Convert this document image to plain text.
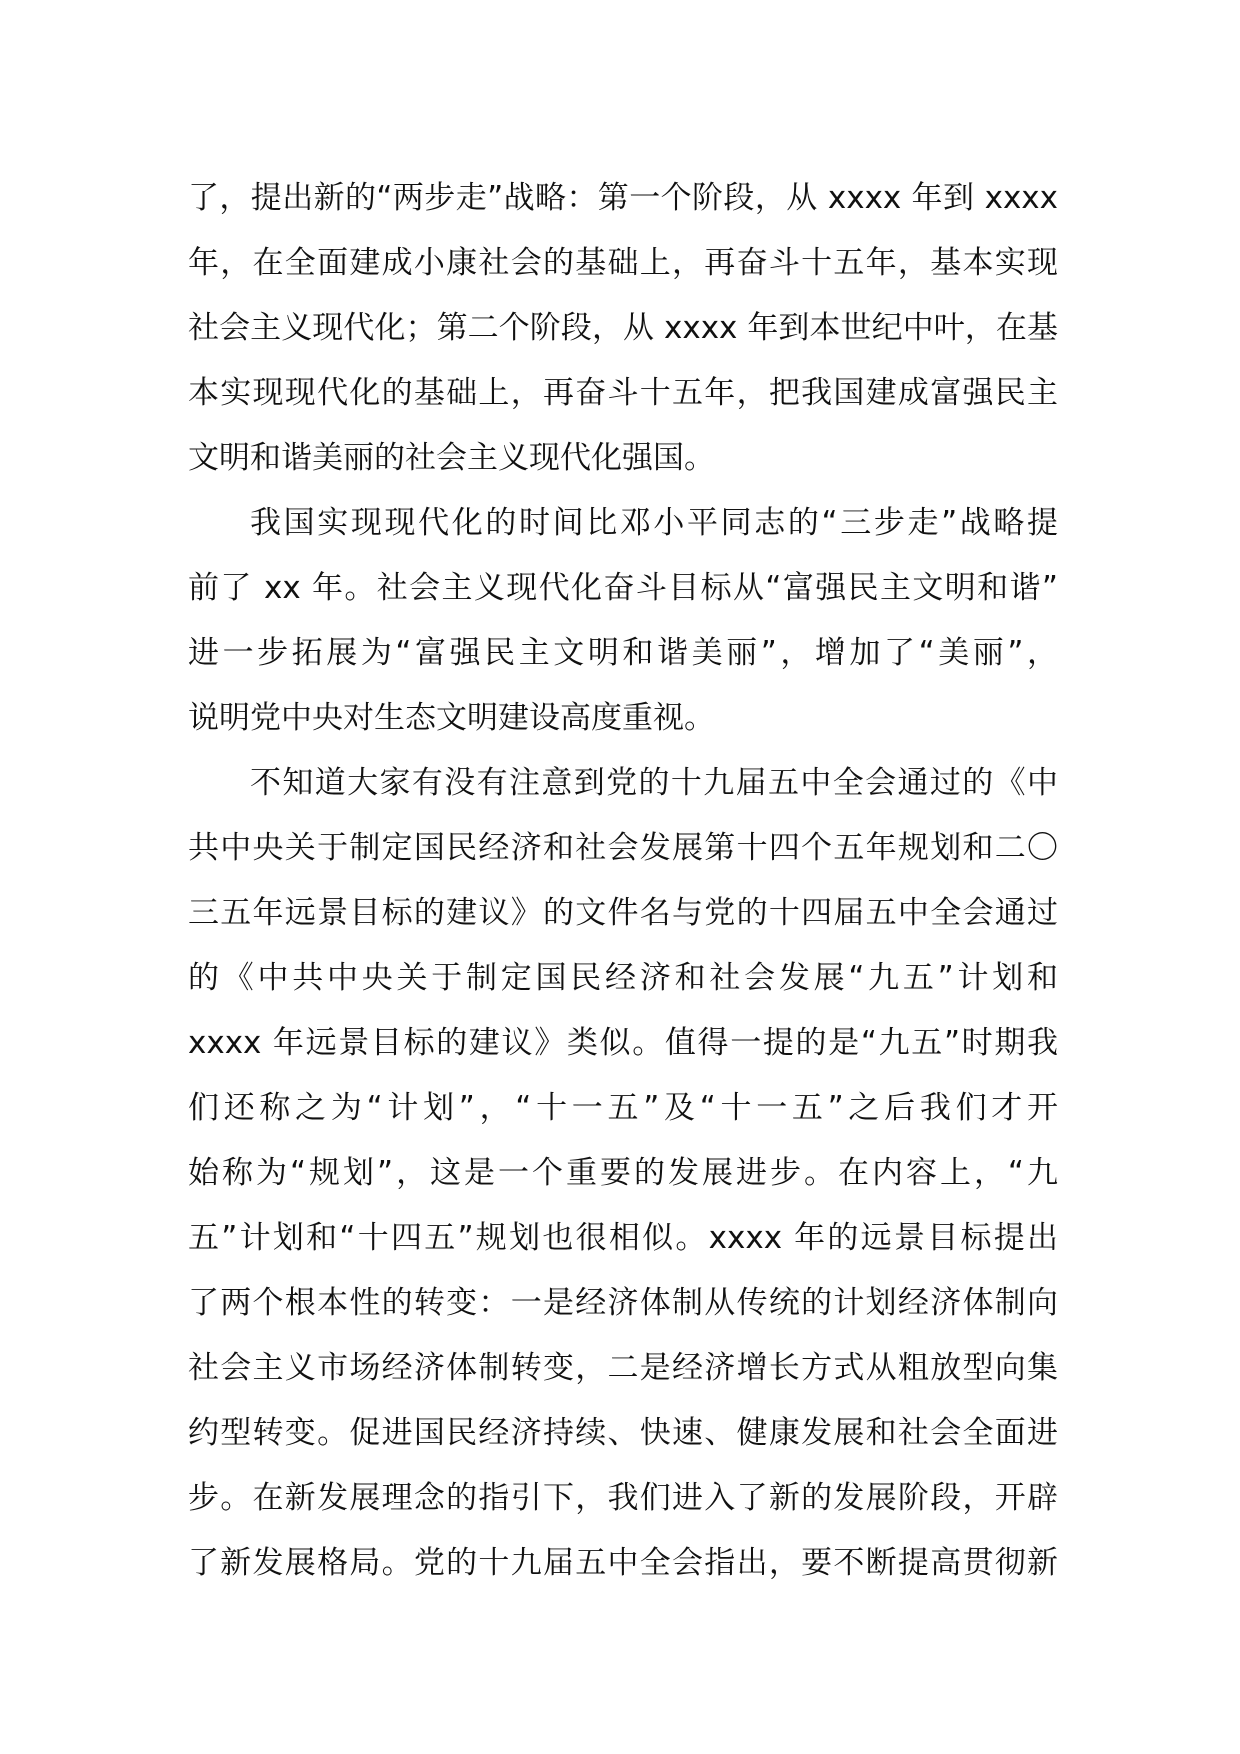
了，提出新的“两步走”战略：第一个阶段，从 xxxx 年到 xxxx
年，在全面建成小康社会的基础上，再奋斗十五年，基本实现
社会主义现代化；第二个阶段，从 xxxx 年到本世纪中叶，在基
本实现现代化的基础上，再奋斗十五年，把我国建成富强民主
文明和谐美丽的社会主义现代化强国。
我国实现现代化的时间比邓小平同志的“三步走”战略提
前了 xx 年。社会主义现代化奋斗目标从“富强民主文明和谐”
进一步拓展为“富强民主文明和谐美丽”，增加了“美丽”，
说明党中央对生态文明建设高度重视。
不知道大家有没有注意到党的十九届五中全会通过的《中
共中央关于制定国民经济和社会发展第十四个五年规划和二〇
三五年远景目标的建议》的文件名与党的十四届五中全会通过
的《中共中央关于制定国民经济和社会发展“九五”计划和
xxxx 年远景目标的建议》类似。值得一提的是“九五”时期我
们还称之为“计划”，“十一五”及“十一五”之后我们才开
始称为“规划”，这是一个重要的发展进步。在内容上，“九
五”计划和“十四五”规划也很相似。xxxx 年的远景目标提出
了两个根本性的转变：一是经济体制从传统的计划经济体制向
社会主义市场经济体制转变，二是经济增长方式从粗放型向集
约型转变。促进国民经济持续、快速、健康发展和社会全面进
步。在新发展理念的指引下，我们进入了新的发展阶段，开辟
了新发展格局。党的十九届五中全会指出，要不断提高贯彻新
